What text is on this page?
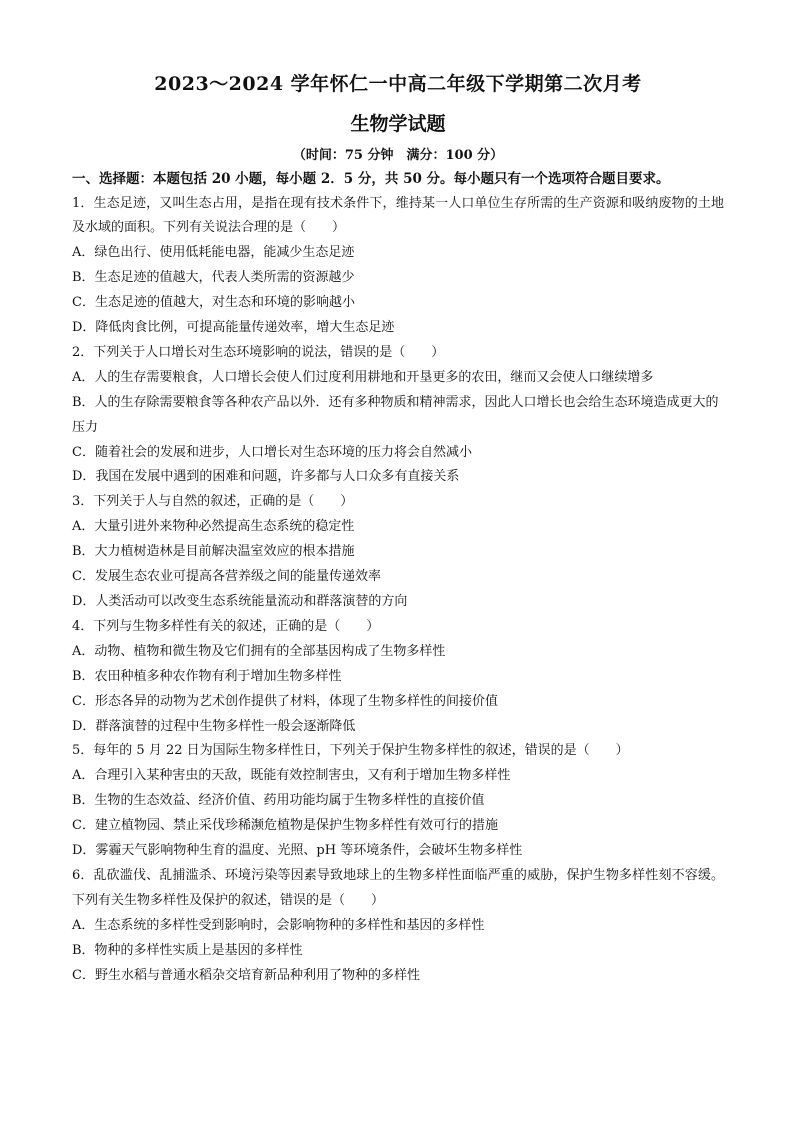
2023～2024 学年怀仁一中高二年级下学期第二次月考
生物学试题
（时间：75 分钟　满分：100 分）
一、选择题：本题包括 20 小题，每小题 2．5 分，共 50 分。每小题只有一个选项符合题目要求。

1．生态足迹，又叫生态占用，是指在现有技术条件下，维持某一人口单位生存所需的生产资源和吸纳废物的土地及水域的面积。下列有关说法合理的是（　　）

A．绿色出行、使用低耗能电器，能减少生态足迹

B．生态足迹的值越大，代表人类所需的资源越少

C．生态足迹的值越大，对生态和环境的影响越小

D．降低肉食比例，可提高能量传递效率，增大生态足迹

2．下列关于人口增长对生态环境影响的说法，错误的是（　　）

A．人的生存需要粮食，人口增长会使人们过度利用耕地和开垦更多的农田，继而又会使人口继续增多

B．人的生存除需要粮食等各种农产品以外．还有多种物质和精神需求，因此人口增长也会给生态环境造成更大的压力

C．随着社会的发展和进步，人口增长对生态环境的压力将会自然减小

D．我国在发展中遇到的困难和问题，许多都与人口众多有直接关系

3．下列关于人与自然的叙述，正确的是（　　）

A．大量引进外来物种必然提高生态系统的稳定性

B．大力植树造林是目前解决温室效应的根本措施

C．发展生态农业可提高各营养级之间的能量传递效率

D．人类活动可以改变生态系统能量流动和群落演替的方向

4．下列与生物多样性有关的叙述，正确的是（　　）

A．动物、植物和微生物及它们拥有的全部基因构成了生物多样性

B．农田种植多种农作物有利于增加生物多样性

C．形态各异的动物为艺术创作提供了材料，体现了生物多样性的间接价值

D．群落演替的过程中生物多样性一般会逐渐降低

5．每年的 5 月 22 日为国际生物多样性日，下列关于保护生物多样性的叙述，错误的是（　　）

A．合理引入某种害虫的天敌，既能有效控制害虫，又有利于增加生物多样性

B．生物的生态效益、经济价值、药用功能均属于生物多样性的直接价值

C．建立植物园、禁止采伐珍稀濒危植物是保护生物多样性有效可行的措施

D．雾霾天气影响物种生育的温度、光照、pH 等环境条件，会破坏生物多样性

6．乱砍滥伐、乱捕滥杀、环境污染等因素导致地球上的生物多样性面临严重的威胁，保护生物多样性刻不容缓。下列有关生物多样性及保护的叙述，错误的是（　　）

A．生态系统的多样性受到影响时，会影响物种的多样性和基因的多样性

B．物种的多样性实质上是基因的多样性

C．野生水稻与普通水稻杂交培育新品种利用了物种的多样性
